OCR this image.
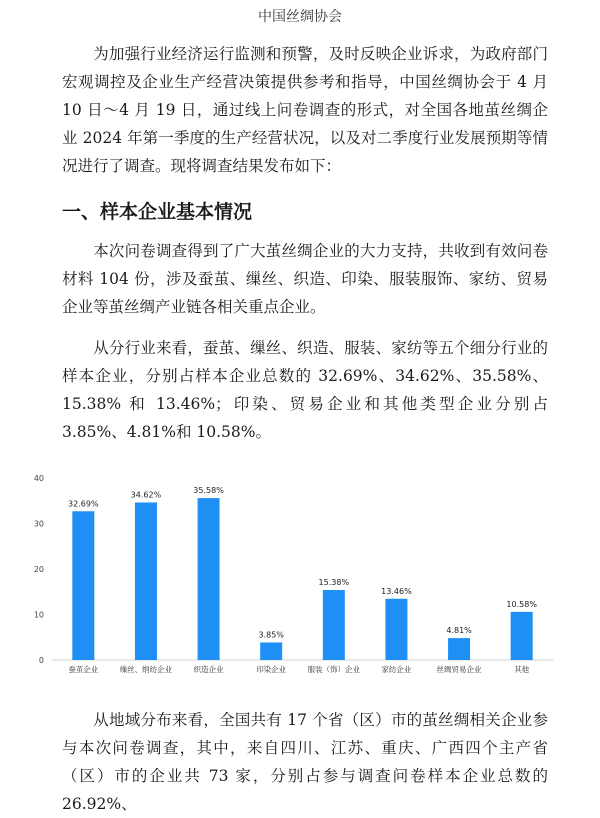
中国丝绸协会

为加强行业经济运行监测和预警，及时反映企业诉求，为政府部门宏观调控及企业生产经营决策提供参考和指导，中国丝绸协会于 4 月 10 日～4 月 19 日，通过线上问卷调查的形式，对全国各地茧丝绸企业 2024 年第一季度的生产经营状况，以及对二季度行业发展预期等情况进行了调查。现将调查结果发布如下：

一、样本企业基本情况

本次问卷调查得到了广大茧丝绸企业的大力支持，共收到有效问卷材料 104 份，涉及蚕茧、缫丝、织造、印染、服装服饰、家纺、贸易企业等茧丝绸产业链各相关重点企业。

从分行业来看，蚕茧、缫丝、织造、服装、家纺等五个细分行业的样本企业，分别占样本企业总数的 32.69%、34.62%、35.58%、15.38% 和 13.46%；印染、贸易企业和其他类型企业分别占 3.85%、4.81%和 10.58%。

0
10
20
30
40
32.69%
蚕茧企业
34.62%
缫丝、绢纺企业
35.58%
织造企业
3.85%
印染企业
15.38%
服装（饰）企业
13.46%
家纺企业
4.81%
丝绸贸易企业
10.58%
其他

从地域分布来看，全国共有 17 个省（区）市的茧丝绸相关企业参与本次问卷调查，其中，来自四川、江苏、重庆、广西四个主产省（区）市的企业共 73 家，分别占参与调查问卷样本企业总数的 26.92%、
